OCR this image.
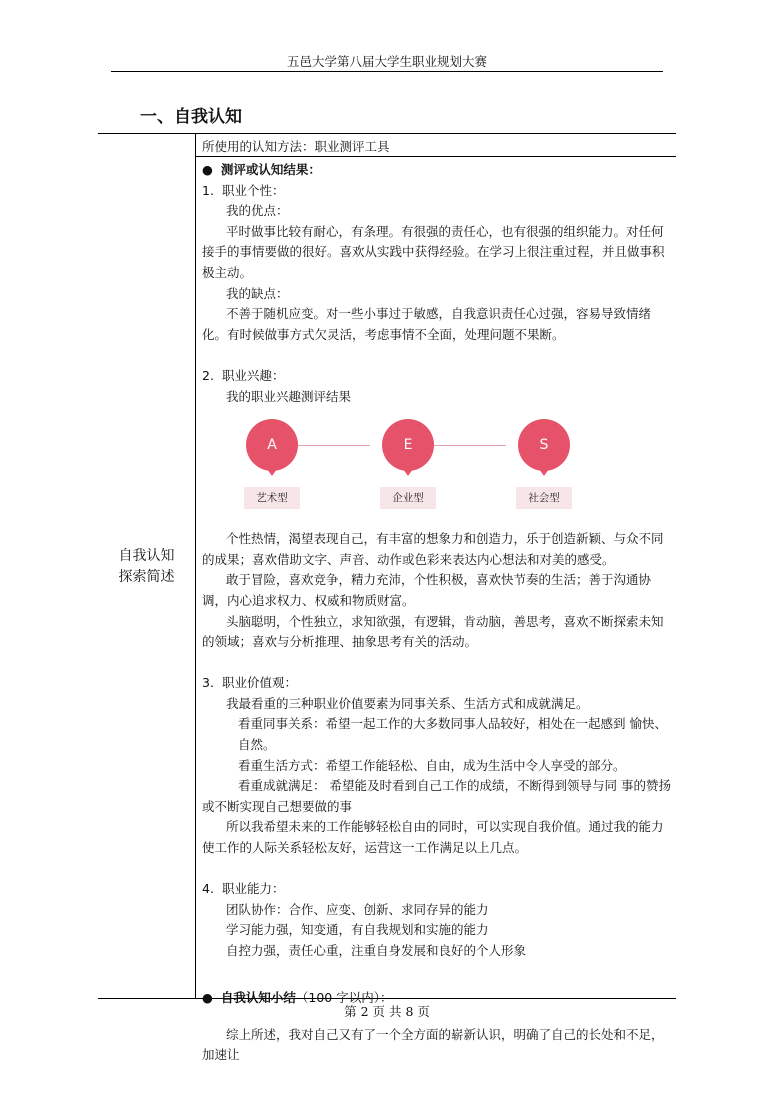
五邑大学第八届大学生职业规划大赛
一、自我认知
自我认知
探索简述
所使用的认知方法：职业测评工具

● 测评或认知结果：

1. 职业个性：

我的优点：

平时做事比较有耐心，有条理。有很强的责任心，也有很强的组织能力。对任何接手的事情要做的很好。喜欢从实践中获得经验。在学习上很注重过程，并且做事积极主动。

我的缺点：

不善于随机应变。对一些小事过于敏感，自我意识责任心过强，容易导致情绪化。有时候做事方式欠灵活，考虑事情不全面，处理问题不果断。

2. 职业兴趣：

我的职业兴趣测评结果

A
艺术型
E
企业型
S
社会型

个性热情，渴望表现自己，有丰富的想象力和创造力，乐于创造新颖、与众不同的成果；喜欢借助文字、声音、动作或色彩来表达内心想法和对美的感受。

敢于冒险，喜欢竞争，精力充沛，个性积极，喜欢快节奏的生活；善于沟通协调，内心追求权力、权威和物质财富。

头脑聪明，个性独立，求知欲强，有逻辑，肯动脑，善思考，喜欢不断探索未知的领域；喜欢与分析推理、抽象思考有关的活动。

3. 职业价值观：

我最看重的三种职业价值要素为同事关系、生活方式和成就满足。

看重同事关系：希望一起工作的大多数同事人品较好，相处在一起感到 愉快、自然。

看重生活方式：希望工作能轻松、自由，成为生活中令人享受的部分。

看重成就满足： 希望能及时看到自己工作的成绩，不断得到领导与同 事的赞扬或不断实现自己想要做的事

所以我希望未来的工作能够轻松自由的同时，可以实现自我价值。通过我的能力使工作的人际关系轻松友好，运营这一工作满足以上几点。

4. 职业能力：

团队协作：合作、应变、创新、求同存异的能力

学习能力强，知变通，有自我规划和实施的能力

自控力强，责任心重，注重自身发展和良好的个人形象

● 自我认知小结（100 字以内）：

综上所述，我对自己又有了一个全方面的崭新认识，明确了自己的长处和不足，加速让

第 2 页 共 8 页
